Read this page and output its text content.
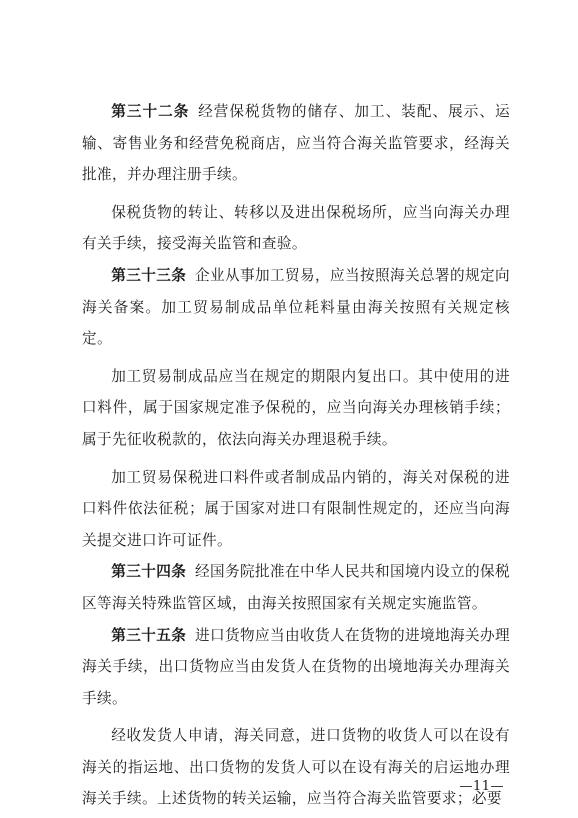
第三十二条 经营保税货物的储存、加工、装配、展示、运输、寄售业务和经营免税商店，应当符合海关监管要求，经海关批准，并办理注册手续。

保税货物的转让、转移以及进出保税场所，应当向海关办理有关手续，接受海关监管和查验。

第三十三条 企业从事加工贸易，应当按照海关总署的规定向海关备案。加工贸易制成品单位耗料量由海关按照有关规定核定。

加工贸易制成品应当在规定的期限内复出口。其中使用的进口料件，属于国家规定准予保税的，应当向海关办理核销手续；属于先征收税款的，依法向海关办理退税手续。

加工贸易保税进口料件或者制成品内销的，海关对保税的进口料件依法征税；属于国家对进口有限制性规定的，还应当向海关提交进口许可证件。

第三十四条 经国务院批准在中华人民共和国境内设立的保税区等海关特殊监管区域，由海关按照国家有关规定实施监管。

第三十五条 进口货物应当由收货人在货物的进境地海关办理海关手续，出口货物应当由发货人在货物的出境地海关办理海关手续。

经收发货人申请，海关同意，进口货物的收货人可以在设有海关的指运地、出口货物的发货人可以在设有海关的启运地办理海关手续。上述货物的转关运输，应当符合海关监管要求；必要

—11—
